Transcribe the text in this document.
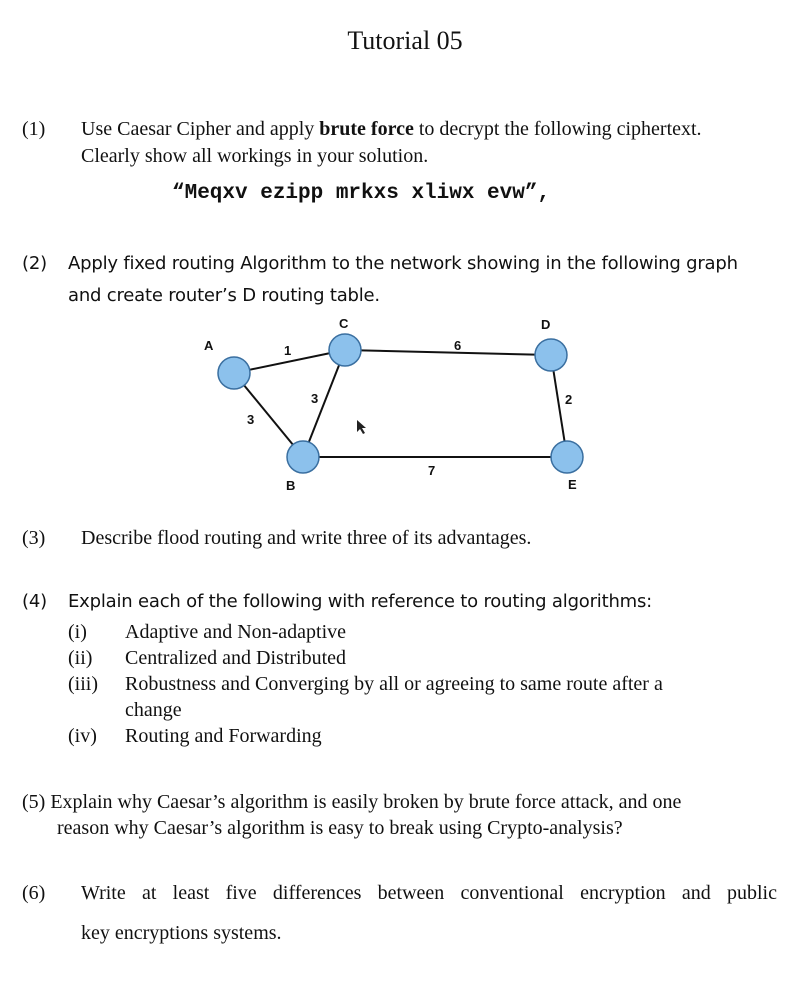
Tutorial 05
(1)	Use Caesar Cipher and apply brute force to decrypt the following ciphertext.
Clearly show all workings in your solution.
“Meqxv ezipp mrkxs xliwx evw”,
(2)	Apply fixed routing Algorithm to the network showing in the following graph
and create router’s D routing table.
A
B
C	D
E
1
3
3
6
2
7
(3)	Describe flood routing and write three of its advantages.
(4)	Explain each of the following with reference to routing algorithms:
(i) Adaptive and Non-adaptive
(ii) Centralized and Distributed
(iii) Robustness and Converging by all or agreeing to same route after a
change
(iv) Routing and Forwarding
(5) Explain why Caesar’s algorithm is easily broken by brute force attack, and one
reason why Caesar’s algorithm is easy to break using Crypto-analysis?
(6)	Write at least five differences between conventional encryption and public
key encryptions systems.
